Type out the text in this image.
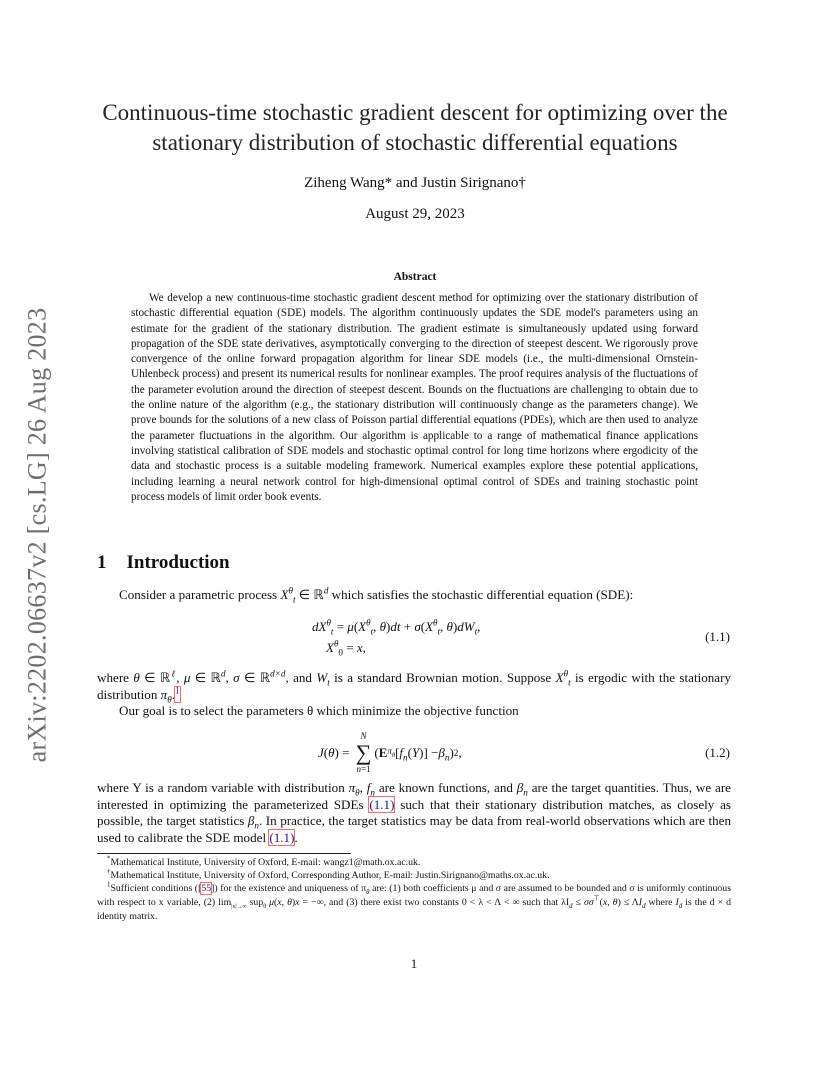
arXiv:2202.06637v2 [cs.LG] 26 Aug 2023
Continuous-time stochastic gradient descent for optimizing over the
stationary distribution of stochastic differential equations
Ziheng Wang* and Justin Sirignano†
August 29, 2023
Abstract

We develop a new continuous-time stochastic gradient descent method for optimizing over the stationary distribution of stochastic differential equation (SDE) models. The algorithm continuously updates the SDE model's parameters using an estimate for the gradient of the stationary distribution. The gradient estimate is simultaneously updated using forward propagation of the SDE state derivatives, asymptotically converging to the direction of steepest descent. We rigorously prove convergence of the online forward propagation algorithm for linear SDE models (i.e., the multi-dimensional Ornstein-Uhlenbeck process) and present its numerical results for nonlinear examples. The proof requires analysis of the fluctuations of the parameter evolution around the direction of steepest descent. Bounds on the fluctuations are challenging to obtain due to the online nature of the algorithm (e.g., the stationary distribution will continuously change as the parameters change). We prove bounds for the solutions of a new class of Poisson partial differential equations (PDEs), which are then used to analyze the parameter fluctuations in the algorithm. Our algorithm is applicable to a range of mathematical finance applications involving statistical calibration of SDE models and stochastic optimal control for long time horizons where ergodicity of the data and stochastic process is a suitable modeling framework. Numerical examples explore these potential applications, including learning a neural network control for high-dimensional optimal control of SDEs and training stochastic point process models of limit order book events.

1 Introduction

Consider a parametric process $X^\theta_t$ ∈ ℝ$^d$ which satisfies the stochastic differential equation (SDE):

$dX^\theta_t = \mu(X^\theta_t$, $\theta)dt + \sigma(X^\theta_t$, $\theta)dW_t$,
$X^\theta_0 = x$,
(1.1)

where θ ∈ ℝ$^\ell$, μ ∈ ℝ$^d$, σ ∈ ℝ$^{d\times d}$, and $W_t$ is a standard Brownian motion. Suppose $X^\theta_t$ is ergodic with the stationary distribution $\pi_\theta.^1$

Our goal is to select the parameters θ which minimize the objective function

J ( θ ) =
N
∑
n=1
( E $\pi_\theta$ [ $f_n$ ( Y )] − $\beta_n$ ) 2 ,	(1.2)

where Y is a random variable with distribution $\pi_\theta$, $f_n$ are known functions, and $\beta_n$ are the target quantities. Thus, we are interested in optimizing the parameterized SDEs (1.1) such that their stationary distribution matches, as closely as possible, the target statistics $\beta_n$. In practice, the target statistics may be data from real-world observations which are then used to calibrate the SDE model (1.1).

*Mathematical Institute, University of Oxford, E-mail: wangz1@math.ox.ac.uk.

†Mathematical Institute, University of Oxford, Corresponding Author, E-mail: Justin.Sirignano@maths.ox.ac.uk.

$^1$Sufficient conditions ([55]) for the existence and uniqueness of $\pi_\theta$ are: (1) both coefficients μ and σ are assumed to be bounded and σ is uniformly continuous with respect to x variable, (2) $\lim_{|x|\to\infty} sup_\theta$ μ(x, θ)x = −∞, and (3) there exist two constants 0 < λ < Λ < ∞ such that $\lambda I_d \le \sigma\sigma^⊤(x$, $\theta) \le \Lambda I_d$ where $I_d$ is the d × d identity matrix.

1
